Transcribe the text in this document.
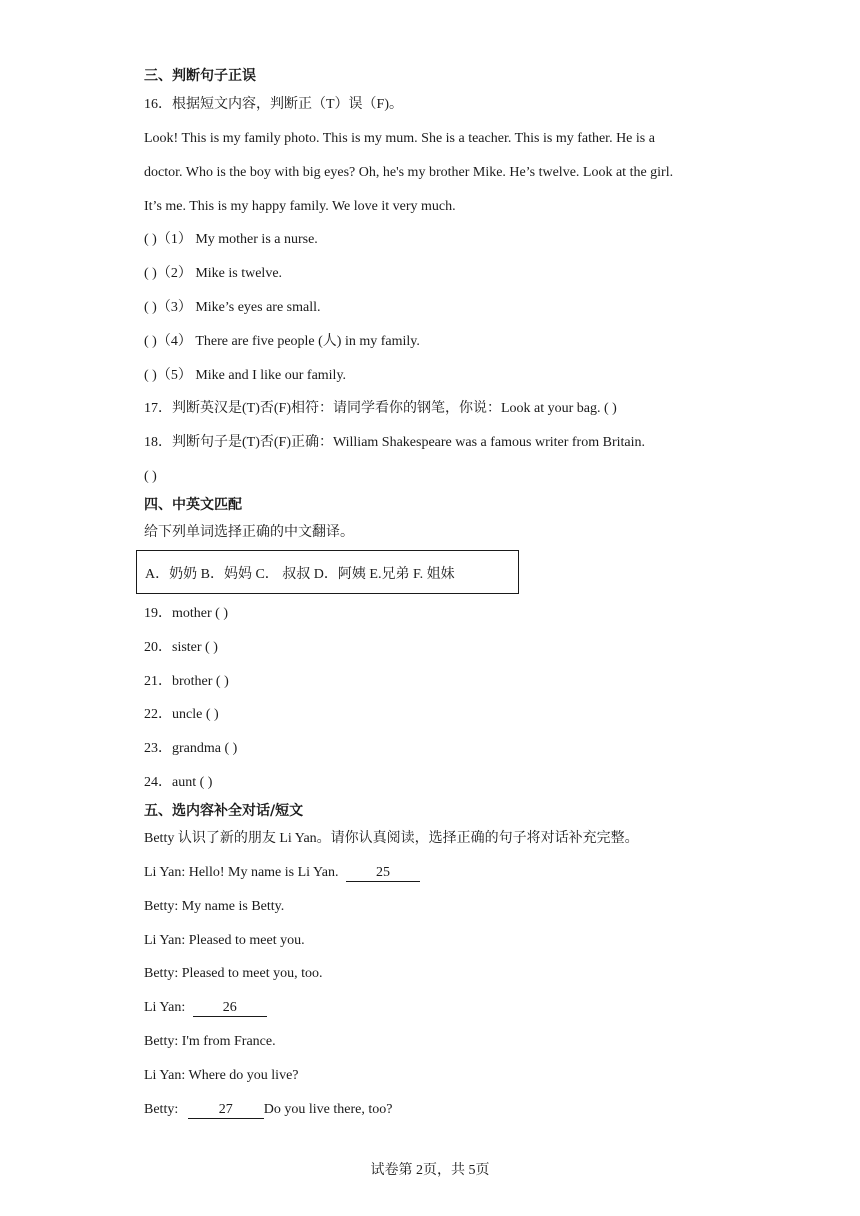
三、判断句子正误
16．根据短文内容，判断正（T）误（F)。
Look! This is my family photo. This is my mum. She is a teacher. This is my father. He is a
doctor. Who is the boy with big eyes? Oh, he's my brother Mike. He’s twelve. Look at the girl.
It’s me. This is my happy family. We love it very much.
( )（1） My mother is a nurse.
( )（2） Mike is twelve.
( )（3） Mike’s eyes are small.
( )（4） There are five people (人) in my family.
( )（5） Mike and I like our family.
17．判断英汉是(T)否(F)相符：请同学看你的钢笔，你说：Look at your bag. ( )
18．判断句子是(T)否(F)正确：William Shakespeare was a famous writer from Britain.
( )
四、中英文匹配
给下列单词选择正确的中文翻译。
A．奶奶 B．妈妈 C． 叔叔 D．阿姨 E.兄弟 F. 姐妹
19．mother ( )
20．sister ( )
21．brother ( )
22．uncle ( )
23．grandma ( )
24．aunt ( )
五、选内容补全对话/短文
Betty 认识了新的朋友 Li Yan。请你认真阅读，选择正确的句子将对话补充完整。
Li Yan: Hello! My name is Li Yan.	25
Betty: My name is Betty.
Li Yan: Pleased to meet you.
Betty: Pleased to meet you, too.
Li Yan:	26
Betty: I'm from France.
Li Yan: Where do you live?
Betty:	27 Do you live there, too?
试卷第 2页，共 5页
